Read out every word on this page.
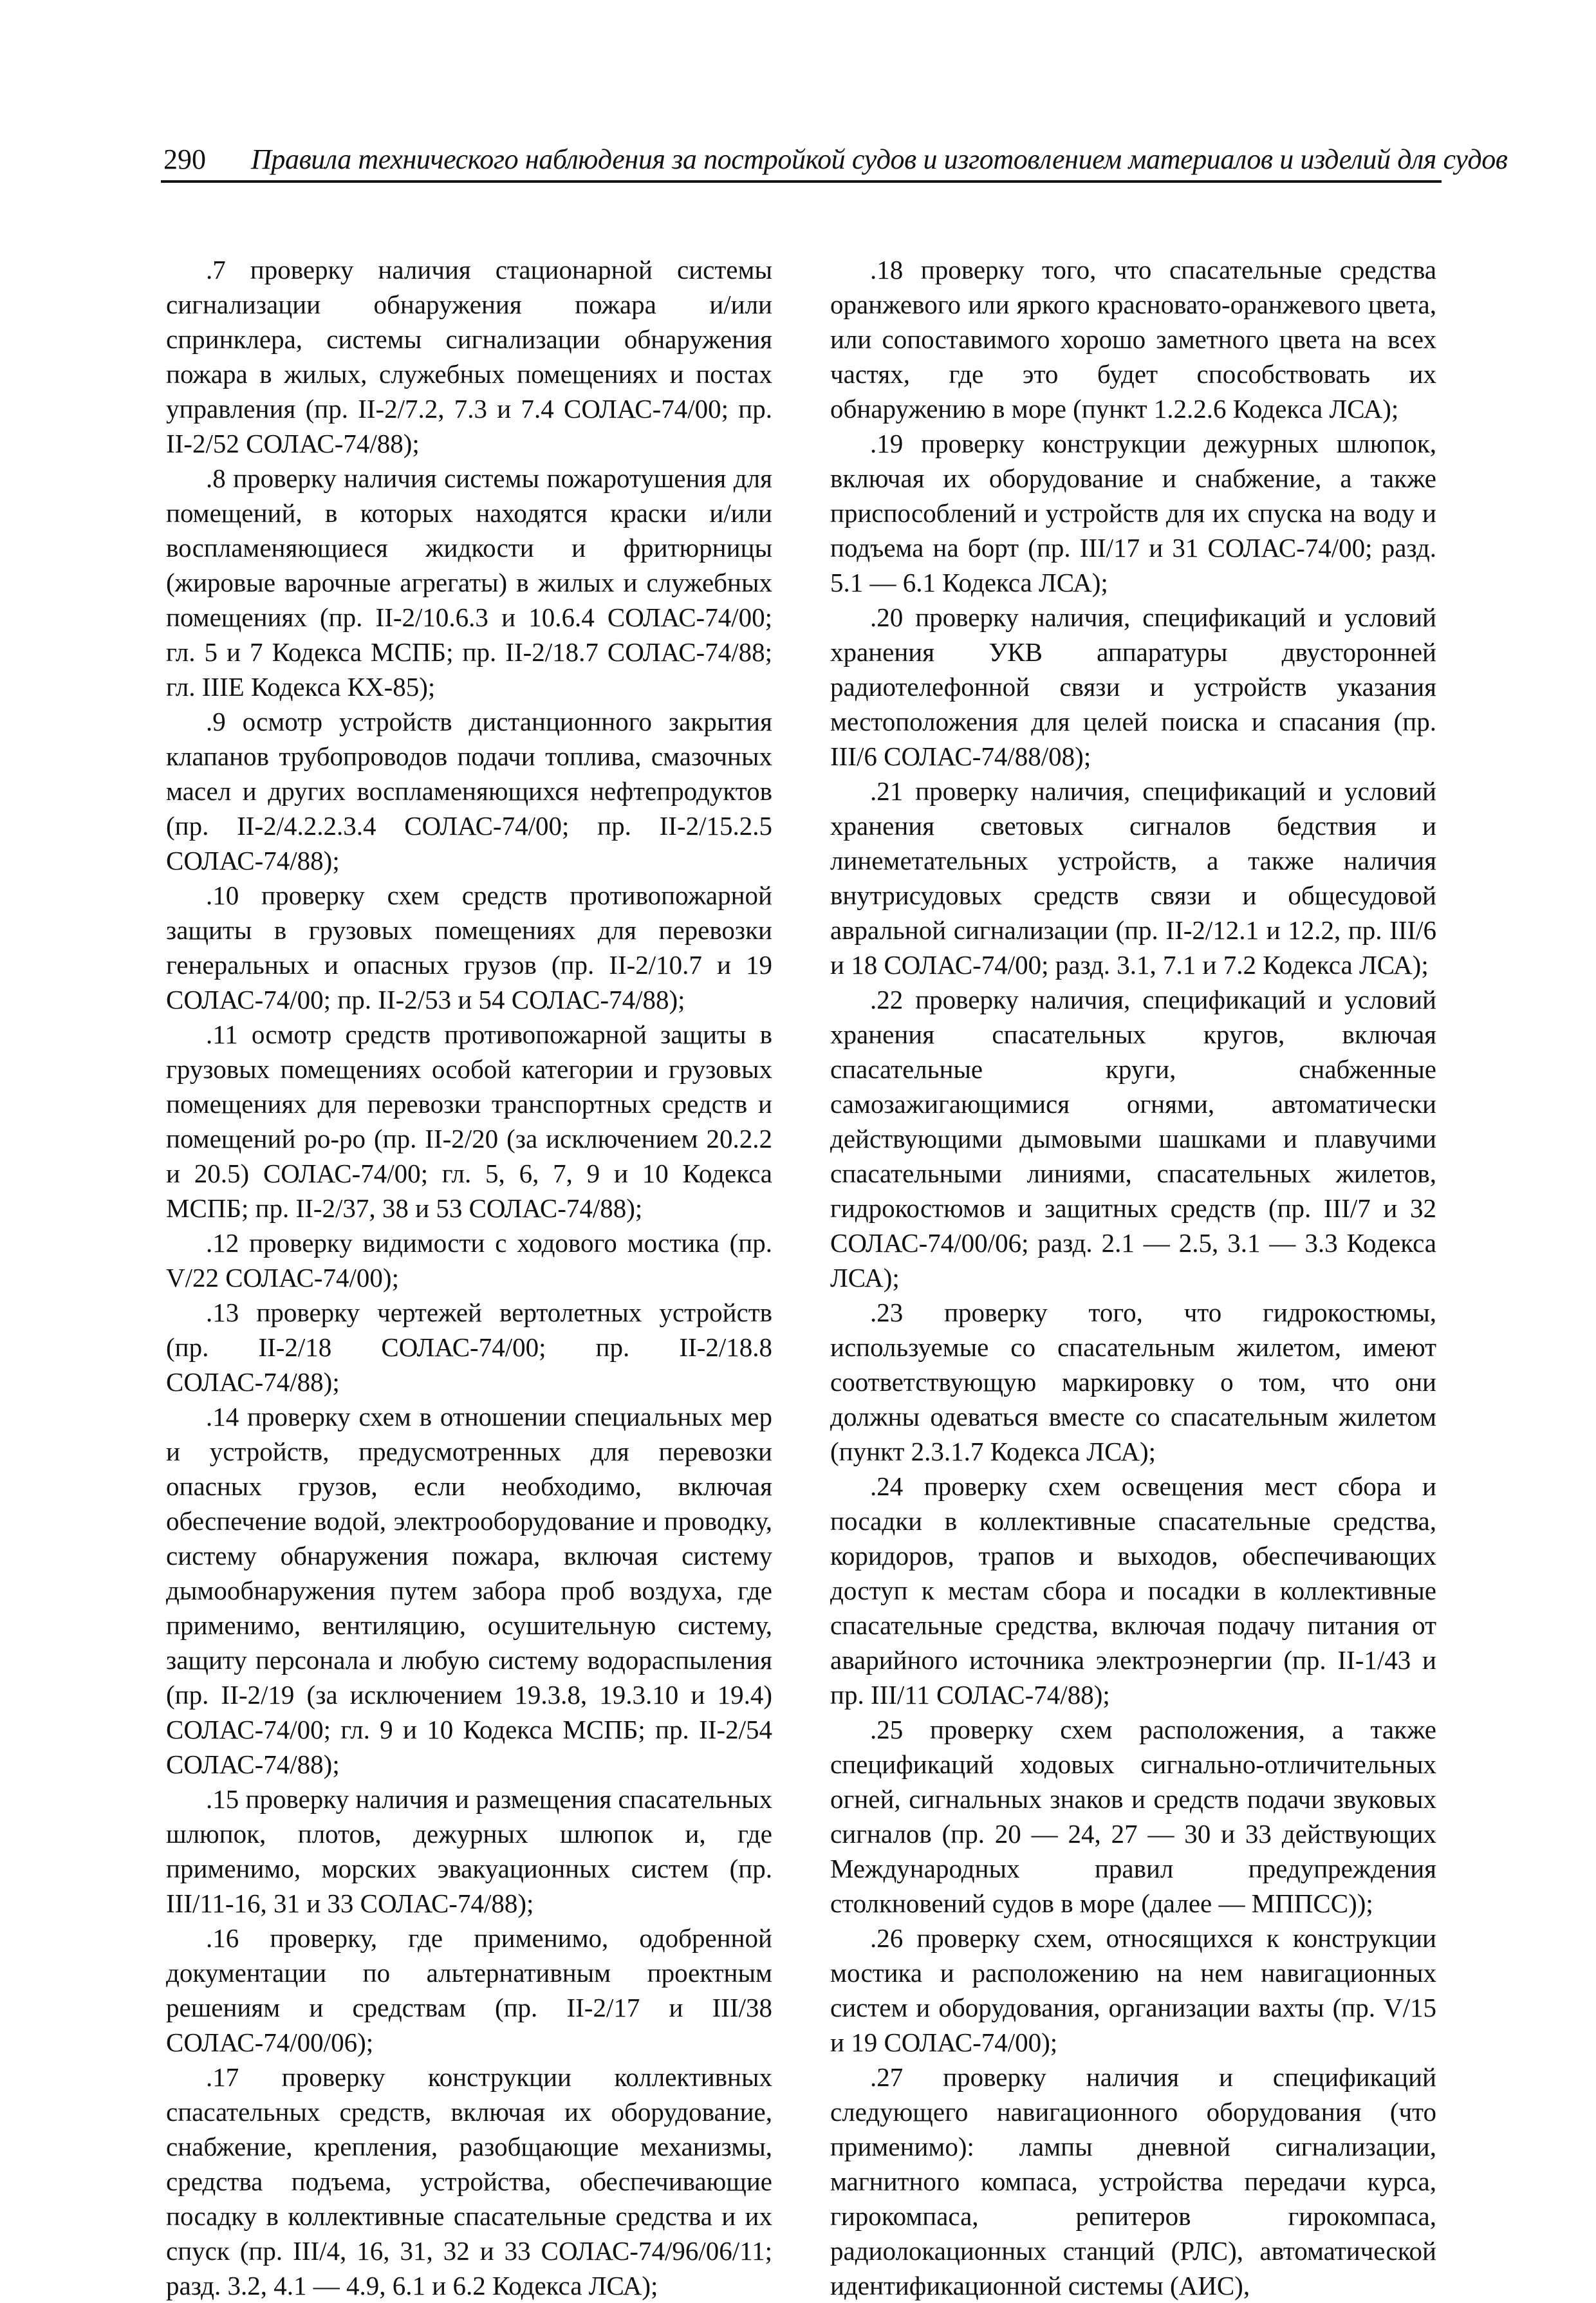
290 Правила технического наблюдения за постройкой судов и изготовлением материалов и изделий для судов

.7 проверку наличия стационарной системы сигнализации обнаружения пожара и/или спринклера, системы сигнализации обнаружения пожара в жилых, служебных помещениях и постах управления (пр. II-2/7.2, 7.3 и 7.4 СОЛАС-74/00; пр. II-2/52 СОЛАС-74/88);

.8 проверку наличия системы пожаротушения для помещений, в которых находятся краски и/или воспламеняющиеся жидкости и фритюрницы (жировые варочные агрегаты) в жилых и служебных помещениях (пр. II-2/10.6.3 и 10.6.4 СОЛАС-74/00; гл. 5 и 7 Кодекса МСПБ; пр. II-2/18.7 СОЛАС-74/88; гл. IIIЕ Кодекса КХ-85);

.9 осмотр устройств дистанционного закрытия клапанов трубопроводов подачи топлива, смазочных масел и других воспламеняющихся нефтепродуктов (пр. II-2/4.2.2.3.4 СОЛАС-74/00; пр. II-2/15.2.5 СОЛАС-74/88);

.10 проверку схем средств противопожарной защиты в грузовых помещениях для перевозки генеральных и опасных грузов (пр. II-2/10.7 и 19 СОЛАС-74/00; пр. II-2/53 и 54 СОЛАС-74/88);

.11 осмотр средств противопожарной защиты в грузовых помещениях особой категории и грузовых помещениях для перевозки транспортных средств и помещений ро-ро (пр. II-2/20 (за исключением 20.2.2 и 20.5) СОЛАС-74/00; гл. 5, 6, 7, 9 и 10 Кодекса МСПБ; пр. II-2/37, 38 и 53 СОЛАС-74/88);

.12 проверку видимости с ходового мостика (пр. V/22 СОЛАС-74/00);

.13 проверку чертежей вертолетных устройств (пр. II-2/18 СОЛАС-74/00; пр. II-2/18.8 СОЛАС-74/88);

.14 проверку схем в отношении специальных мер и устройств, предусмотренных для перевозки опасных грузов, если необходимо, включая обеспечение водой, электрооборудование и проводку, систему обнаружения пожара, включая систему дымообнаружения путем забора проб воздуха, где применимо, вентиляцию, осушительную систему, защиту персонала и любую систему водораспыления (пр. II-2/19 (за исключением 19.3.8, 19.3.10 и 19.4) СОЛАС-74/00; гл. 9 и 10 Кодекса МСПБ; пр. II-2/54 СОЛАС-74/88);

.15 проверку наличия и размещения спасательных шлюпок, плотов, дежурных шлюпок и, где применимо, морских эвакуационных систем (пр. III/11-16, 31 и 33 СОЛАС-74/88);

.16 проверку, где применимо, одобренной документации по альтернативным проектным решениям и средствам (пр. II-2/17 и III/38 СОЛАС-74/00/06);

.17 проверку конструкции коллективных спасательных средств, включая их оборудование, снабжение, крепления, разобщающие механизмы, средства подъема, устройства, обеспечивающие посадку в коллективные спасательные средства и их спуск (пр. III/4, 16, 31, 32 и 33 СОЛАС-74/96/06/11; разд. 3.2, 4.1 — 4.9, 6.1 и 6.2 Кодекса ЛСА);

.18 проверку того, что спасательные средства оранжевого или яркого красновато-оранжевого цвета, или сопоставимого хорошо заметного цвета на всех частях, где это будет способствовать их обнаружению в море (пункт 1.2.2.6 Кодекса ЛСА);

.19 проверку конструкции дежурных шлюпок, включая их оборудование и снабжение, а также приспособлений и устройств для их спуска на воду и подъема на борт (пр. III/17 и 31 СОЛАС-74/00; разд. 5.1 — 6.1 Кодекса ЛСА);

.20 проверку наличия, спецификаций и условий хранения УКВ аппаратуры двусторонней радиотелефонной связи и устройств указания местоположения для целей поиска и спасания (пр. III/6 СОЛАС-74/88/08);

.21 проверку наличия, спецификаций и условий хранения световых сигналов бедствия и линеметательных устройств, а также наличия внутрисудовых средств связи и общесудовой авральной сигнализации (пр. II-2/12.1 и 12.2, пр. III/6 и 18 СОЛАС-74/00; разд. 3.1, 7.1 и 7.2 Кодекса ЛСА);

.22 проверку наличия, спецификаций и условий хранения спасательных кругов, включая спасательные круги, снабженные самозажигающимися огнями, автоматически действующими дымовыми шашками и плавучими спасательными линиями, спасательных жилетов, гидрокостюмов и защитных средств (пр. III/7 и 32 СОЛАС-74/00/06; разд. 2.1 — 2.5, 3.1 — 3.3 Кодекса ЛСА);

.23 проверку того, что гидрокостюмы, используемые со спасательным жилетом, имеют соответствующую маркировку о том, что они должны одеваться вместе со спасательным жилетом (пункт 2.3.1.7 Кодекса ЛСА);

.24 проверку схем освещения мест сбора и посадки в коллективные спасательные средства, коридоров, трапов и выходов, обеспечивающих доступ к местам сбора и посадки в коллективные спасательные средства, включая подачу питания от аварийного источника электроэнергии (пр. II-1/43 и пр. III/11 СОЛАС-74/88);

.25 проверку схем расположения, а также спецификаций ходовых сигнально-отличительных огней, сигнальных знаков и средств подачи звуковых сигналов (пр. 20 — 24, 27 — 30 и 33 действующих Международных правил предупреждения столкновений судов в море (далее — МППСС));

.26 проверку схем, относящихся к конструкции мостика и расположению на нем навигационных систем и оборудования, организации вахты (пр. V/15 и 19 СОЛАС-74/00);

.27 проверку наличия и спецификаций следующего навигационного оборудования (что применимо): лампы дневной сигнализации, магнитного компаса, устройства передачи курса, гирокомпаса, репитеров гирокомпаса, радиолокационных станций (РЛС), автоматической идентификационной системы (АИС),
